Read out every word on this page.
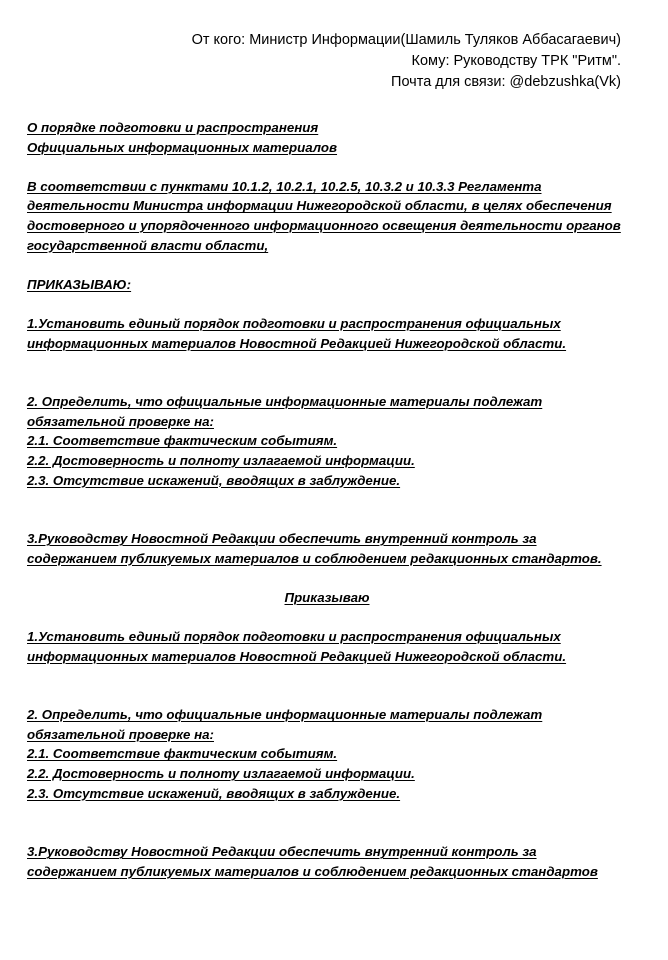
От кого: Министр Информации(Шамиль Туляков Аббасагаевич)
Кому: Руководству ТРК "Ритм".
Почта для связи: @debzushka(Vk)
О порядке подготовки и распространения
Официальных информационных материалов
В соответствии с пунктами 10.1.2, 10.2.1, 10.2.5, 10.3.2 и 10.3.3 Регламента деятельности Министра информации Нижегородской области, в целях обеспечения достоверного и упорядоченного информационного освещения деятельности органов государственной власти области,
ПРИКАЗЫВАЮ:
1.Установить единый порядок подготовки и распространения официальных информационных материалов Новостной Редакцией Нижегородской области.
2. Определить, что официальные информационные материалы подлежат обязательной проверке на:
2.1. Соответствие фактическим событиям.
2.2. Достоверность и полноту излагаемой информации.
2.3. Отсутствие искажений, вводящих в заблуждение.
3.Руководству Новостной Редакции обеспечить внутренний контроль за содержанием публикуемых материалов и соблюдением редакционных стандартов.
Приказываю
1.Установить единый порядок подготовки и распространения официальных информационных материалов Новостной Редакцией Нижегородской области.
2. Определить, что официальные информационные материалы подлежат обязательной проверке на:
2.1. Соответствие фактическим событиям.
2.2. Достоверность и полноту излагаемой информации.
2.3. Отсутствие искажений, вводящих в заблуждение.
3.Руководству Новостной Редакции обеспечить внутренний контроль за содержанием публикуемых материалов и соблюдением редакционных стандартов
